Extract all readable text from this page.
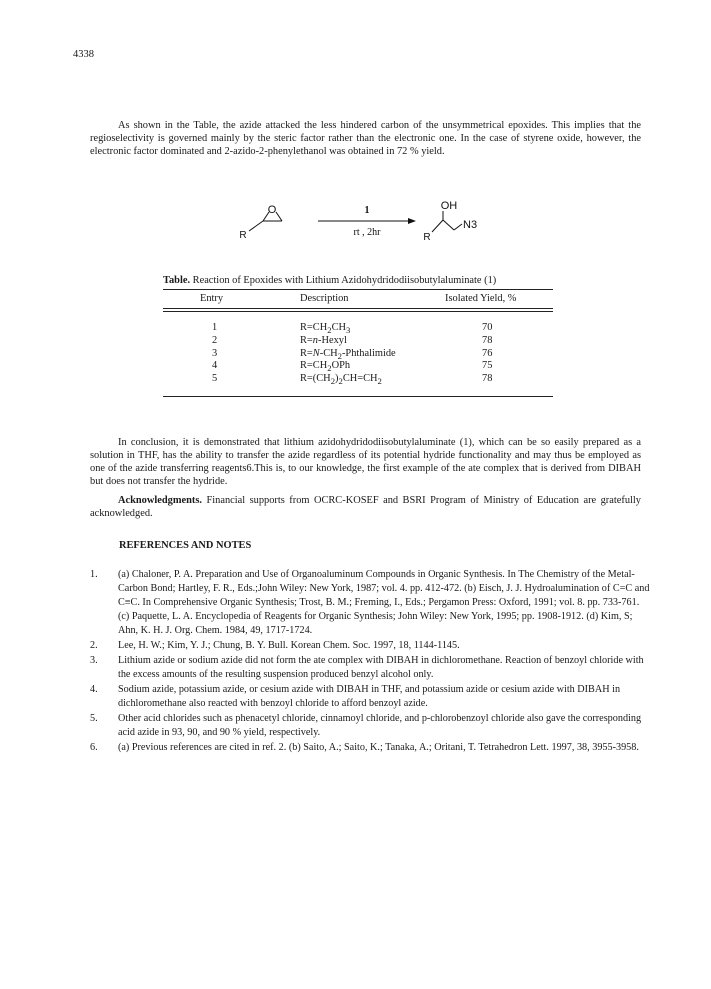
4338
As shown in the Table, the azide attacked the less hindered carbon of the unsymmetrical epoxides. This implies that the regioselectivity is governed mainly by the steric factor rather than the electronic one. In the case of styrene oxide, however, the electronic factor dominated and 2-azido-2-phenylethanol was obtained in 72 % yield.
O
R
1
rt , 2hr
OH
R
N3
Table. Reaction of Epoxides with Lithium Azidohydridodiisobutylaluminate (1)
Entry	Description	Isolated Yield, %
1	$R=CH_2CH_3$	70
2	R=n-Hexyl	78
3	$R=N-CH_2$-Phthalimide	76
4	$R=CH_2OPh$	75
5	$R=(CH_2)_2CH=CH_2$	78
In conclusion, it is demonstrated that lithium azidohydridodiisobutylaluminate (1), which can be so easily prepared as a solution in THF, has the ability to transfer the azide regardless of its potential hydride functionality and may thus be employed as one of the azide transferring reagents6.This is, to our knowledge, the first example of the ate complex that is derived from DIBAH but does not transfer the hydride.
Acknowledgments. Financial supports from OCRC-KOSEF and BSRI Program of Ministry of Education are gratefully acknowledged.
REFERENCES AND NOTES
1.	(a) Chaloner, P. A. Preparation and Use of Organoaluminum Compounds in Organic Synthesis. In The Chemistry of the Metal-Carbon Bond; Hartley, F. R., Eds.;John Wiley: New York, 1987; vol. 4. pp. 412-472. (b) Eisch, J. J. Hydroalumination of C=C and C≡C. In Comprehensive Organic Synthesis; Trost, B. M.; Freming, I., Eds.; Pergamon Press: Oxford, 1991; vol. 8. pp. 733-761. (c) Paquette, L. A. Encyclopedia of Reagents for Organic Synthesis; John Wiley: New York, 1995; pp. 1908-1912. (d) Kim, S; Ahn, K. H. J. Org. Chem. 1984, 49, 1717-1724.
2.	Lee, H. W.; Kim, Y. J.; Chung, B. Y. Bull. Korean Chem. Soc. 1997, 18, 1144-1145.
3.	Lithium azide or sodium azide did not form the ate complex with DIBAH in dichloromethane. Reaction of benzoyl chloride with the excess amounts of the resulting suspension produced benzyl alcohol only.
4.	Sodium azide, potassium azide, or cesium azide with DIBAH in THF, and potassium azide or cesium azide with DIBAH in dichloromethane also reacted with benzoyl chloride to afford benzoyl azide.
5.	Other acid chlorides such as phenacetyl chloride, cinnamoyl chloride, and p-chlorobenzoyl chloride also gave the corresponding acid azide in 93, 90, and 90 % yield, respectively.
6.	(a) Previous references are cited in ref. 2. (b) Saito, A.; Saito, K.; Tanaka, A.; Oritani, T. Tetrahedron Lett. 1997, 38, 3955-3958.
